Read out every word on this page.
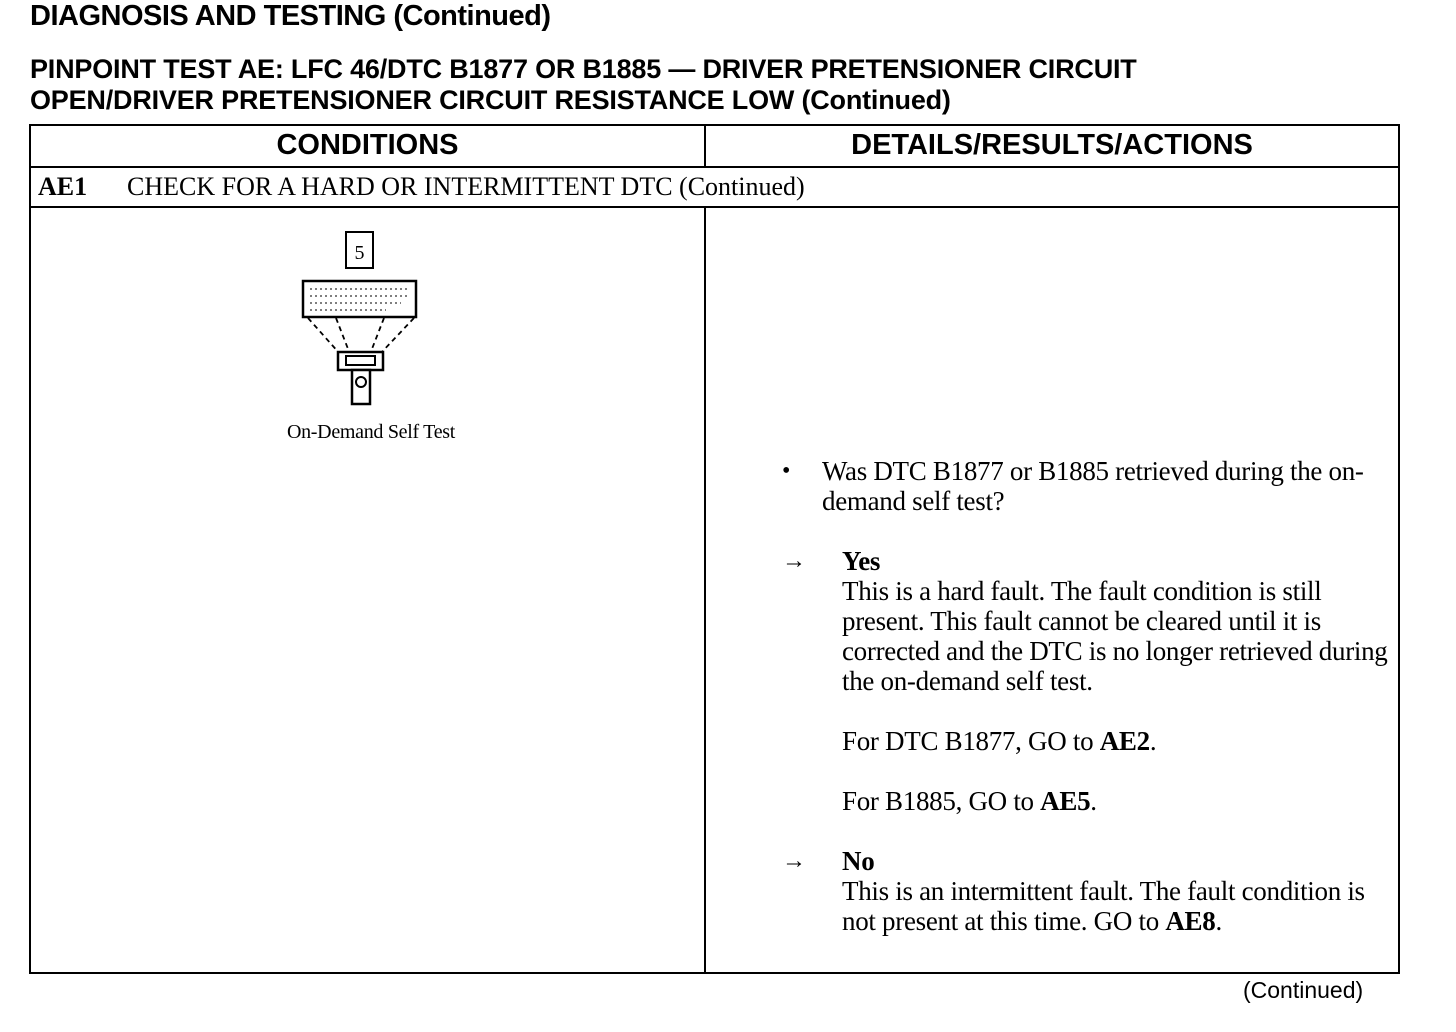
DIAGNOSIS AND TESTING (Continued)
PINPOINT TEST AE: LFC 46/DTC B1877 OR B1885 — DRIVER PRETENSIONER CIRCUIT
OPEN/DRIVER PRETENSIONER CIRCUIT RESISTANCE LOW (Continued)
CONDITIONS	DETAILS/RESULTS/ACTIONS
AE1 CHECK FOR A HARD OR INTERMITTENT DTC (Continued)
5
On-Demand Self Test
• Was DTC B1877 or B1885 retrieved during the on-demand self test?
→ Yes
This is a hard fault. The fault condition is still present. This fault cannot be cleared until it is corrected and the DTC is no longer retrieved during the on-demand self test.
For DTC B1877, GO to AE2.
For B1885, GO to AE5.
→ No
This is an intermittent fault. The fault condition is not present at this time. GO to AE8.
(Continued)
